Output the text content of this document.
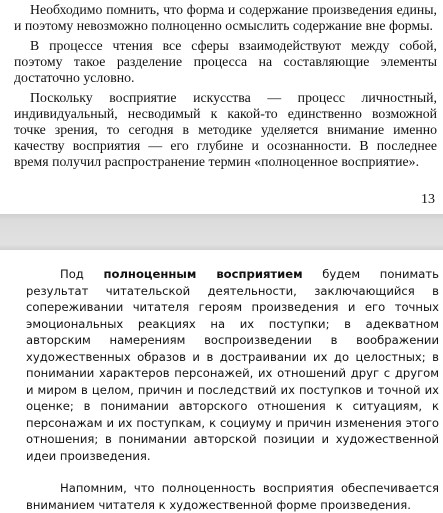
Необходимо помнить, что форма и содержание произведения едины, и поэтому невозможно полноценно осмыслить содержание вне формы.

В процессе чтения все сферы взаимодействуют между собой, поэтому такое разделение процесса на составляющие элементы достаточно условно.

Поскольку восприятие искусства — процесс личностный, индивидуальный, несводимый к какой-то единственно возможной точке зрения, то сегодня в методике уделяется внимание именно качеству восприятия — его глубине и осознанности. В последнее время получил распространение термин «полноценное восприятие».

13

Под полноценным восприятием будем понимать результат читательской деятельности, заключающийся в сопереживании читателя героям произведения и его точных эмоциональных реакциях на их поступки; в адекватном авторским намерениям воспроизведении в воображении художественных образов и в достраивании их до целостных; в понимании характеров персонажей, их отношений друг с другом и миром в целом, причин и последствий их поступков и точной их оценке; в понимании авторского отношения к ситуациям, к персонажам и их поступкам, к социуму и причин изменения этого отношения; в понимании авторской позиции и художественной идеи произведения.

Напомним, что полноценность восприятия обеспечивается вниманием читателя к художественной форме произведения.
